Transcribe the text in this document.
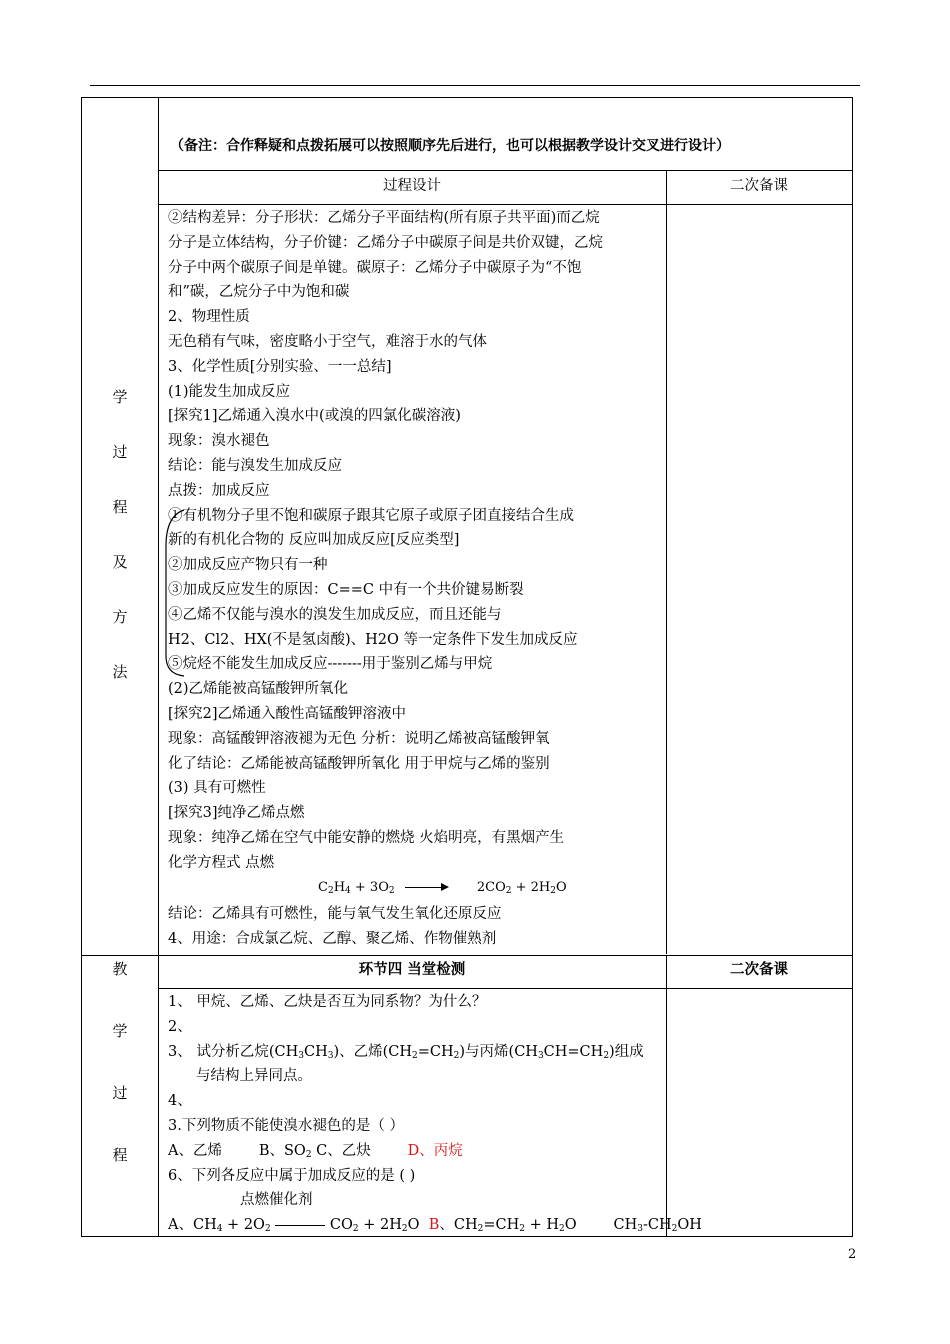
（备注：合作释疑和点拨拓展可以按照顺序先后进行，也可以根据教学设计交叉进行设计）
过程设计	二次备课
学
过
程
及
方
法
②结构差异：分子形状：乙烯分子平面结构(所有原子共平面)而乙烷
分子是立体结构，分子价键：乙烯分子中碳原子间是共价双键，乙烷
分子中两个碳原子间是单键。碳原子：乙烯分子中碳原子为“不饱
和”碳，乙烷分子中为饱和碳
2、物理性质
无色稍有气味，密度略小于空气，难溶于水的气体
3、化学性质[分别实验、一一总结]
(1)能发生加成反应
[探究1]乙烯通入溴水中(或溴的四氯化碳溶液)
现象：溴水褪色
结论：能与溴发生加成反应
点拨：加成反应
①有机物分子里不饱和碳原子跟其它原子或原子团直接结合生成
新的有机化合物的 反应叫加成反应[反应类型]
②加成反应产物只有一种
③加成反应发生的原因：C==C 中有一个共价键易断裂
④乙烯不仅能与溴水的溴发生加成反应，而且还能与
H2、Cl2、HX(不是氢卤酸)、H2O 等一定条件下发生加成反应
⑤烷烃不能发生加成反应-------用于鉴别乙烯与甲烷
(2)乙烯能被高锰酸钾所氧化
[探究2]乙烯通入酸性高锰酸钾溶液中
现象：高锰酸钾溶液褪为无色 分析：说明乙烯被高锰酸钾氧
化了结论：乙烯能被高锰酸钾所氧化 用于甲烷与乙烯的鉴别
(3) 具有可燃性
[探究3]纯净乙烯点燃
现象：纯净乙烯在空气中能安静的燃烧 火焰明亮，有黑烟产生
化学方程式 点燃
$C_2H_4 + 3O_2$	$2CO_2 + 2H_2O$
结论：乙烯具有可燃性，能与氧气发生氧化还原反应
4、用途：合成氯乙烷、乙醇、聚乙烯、作物催熟剂
环节四 当堂检测	二次备课
教
学
过
程
1、 甲烷、乙烯、乙炔是否互为同系物？为什么？
2、
3、 试分析乙烷$(CH_3CH_3)$、乙烯$(CH_2=CH_2)$与丙烯$(CH_3CH=CH_2)$组成
与结构上异同点。
4、
3.下列物质不能使溴水褪色的是（ ）
A、乙烯        B、$SO_2$ C、乙炔        D、丙烷
6、下列各反应中属于加成反应的是 ( )
点燃催化剂
A、$CH_4 + 2O_2$	$CO_2 + 2H_2O$  B、$CH_2=CH_2 + H_2O$        $CH_3-CH_2OH$
2
